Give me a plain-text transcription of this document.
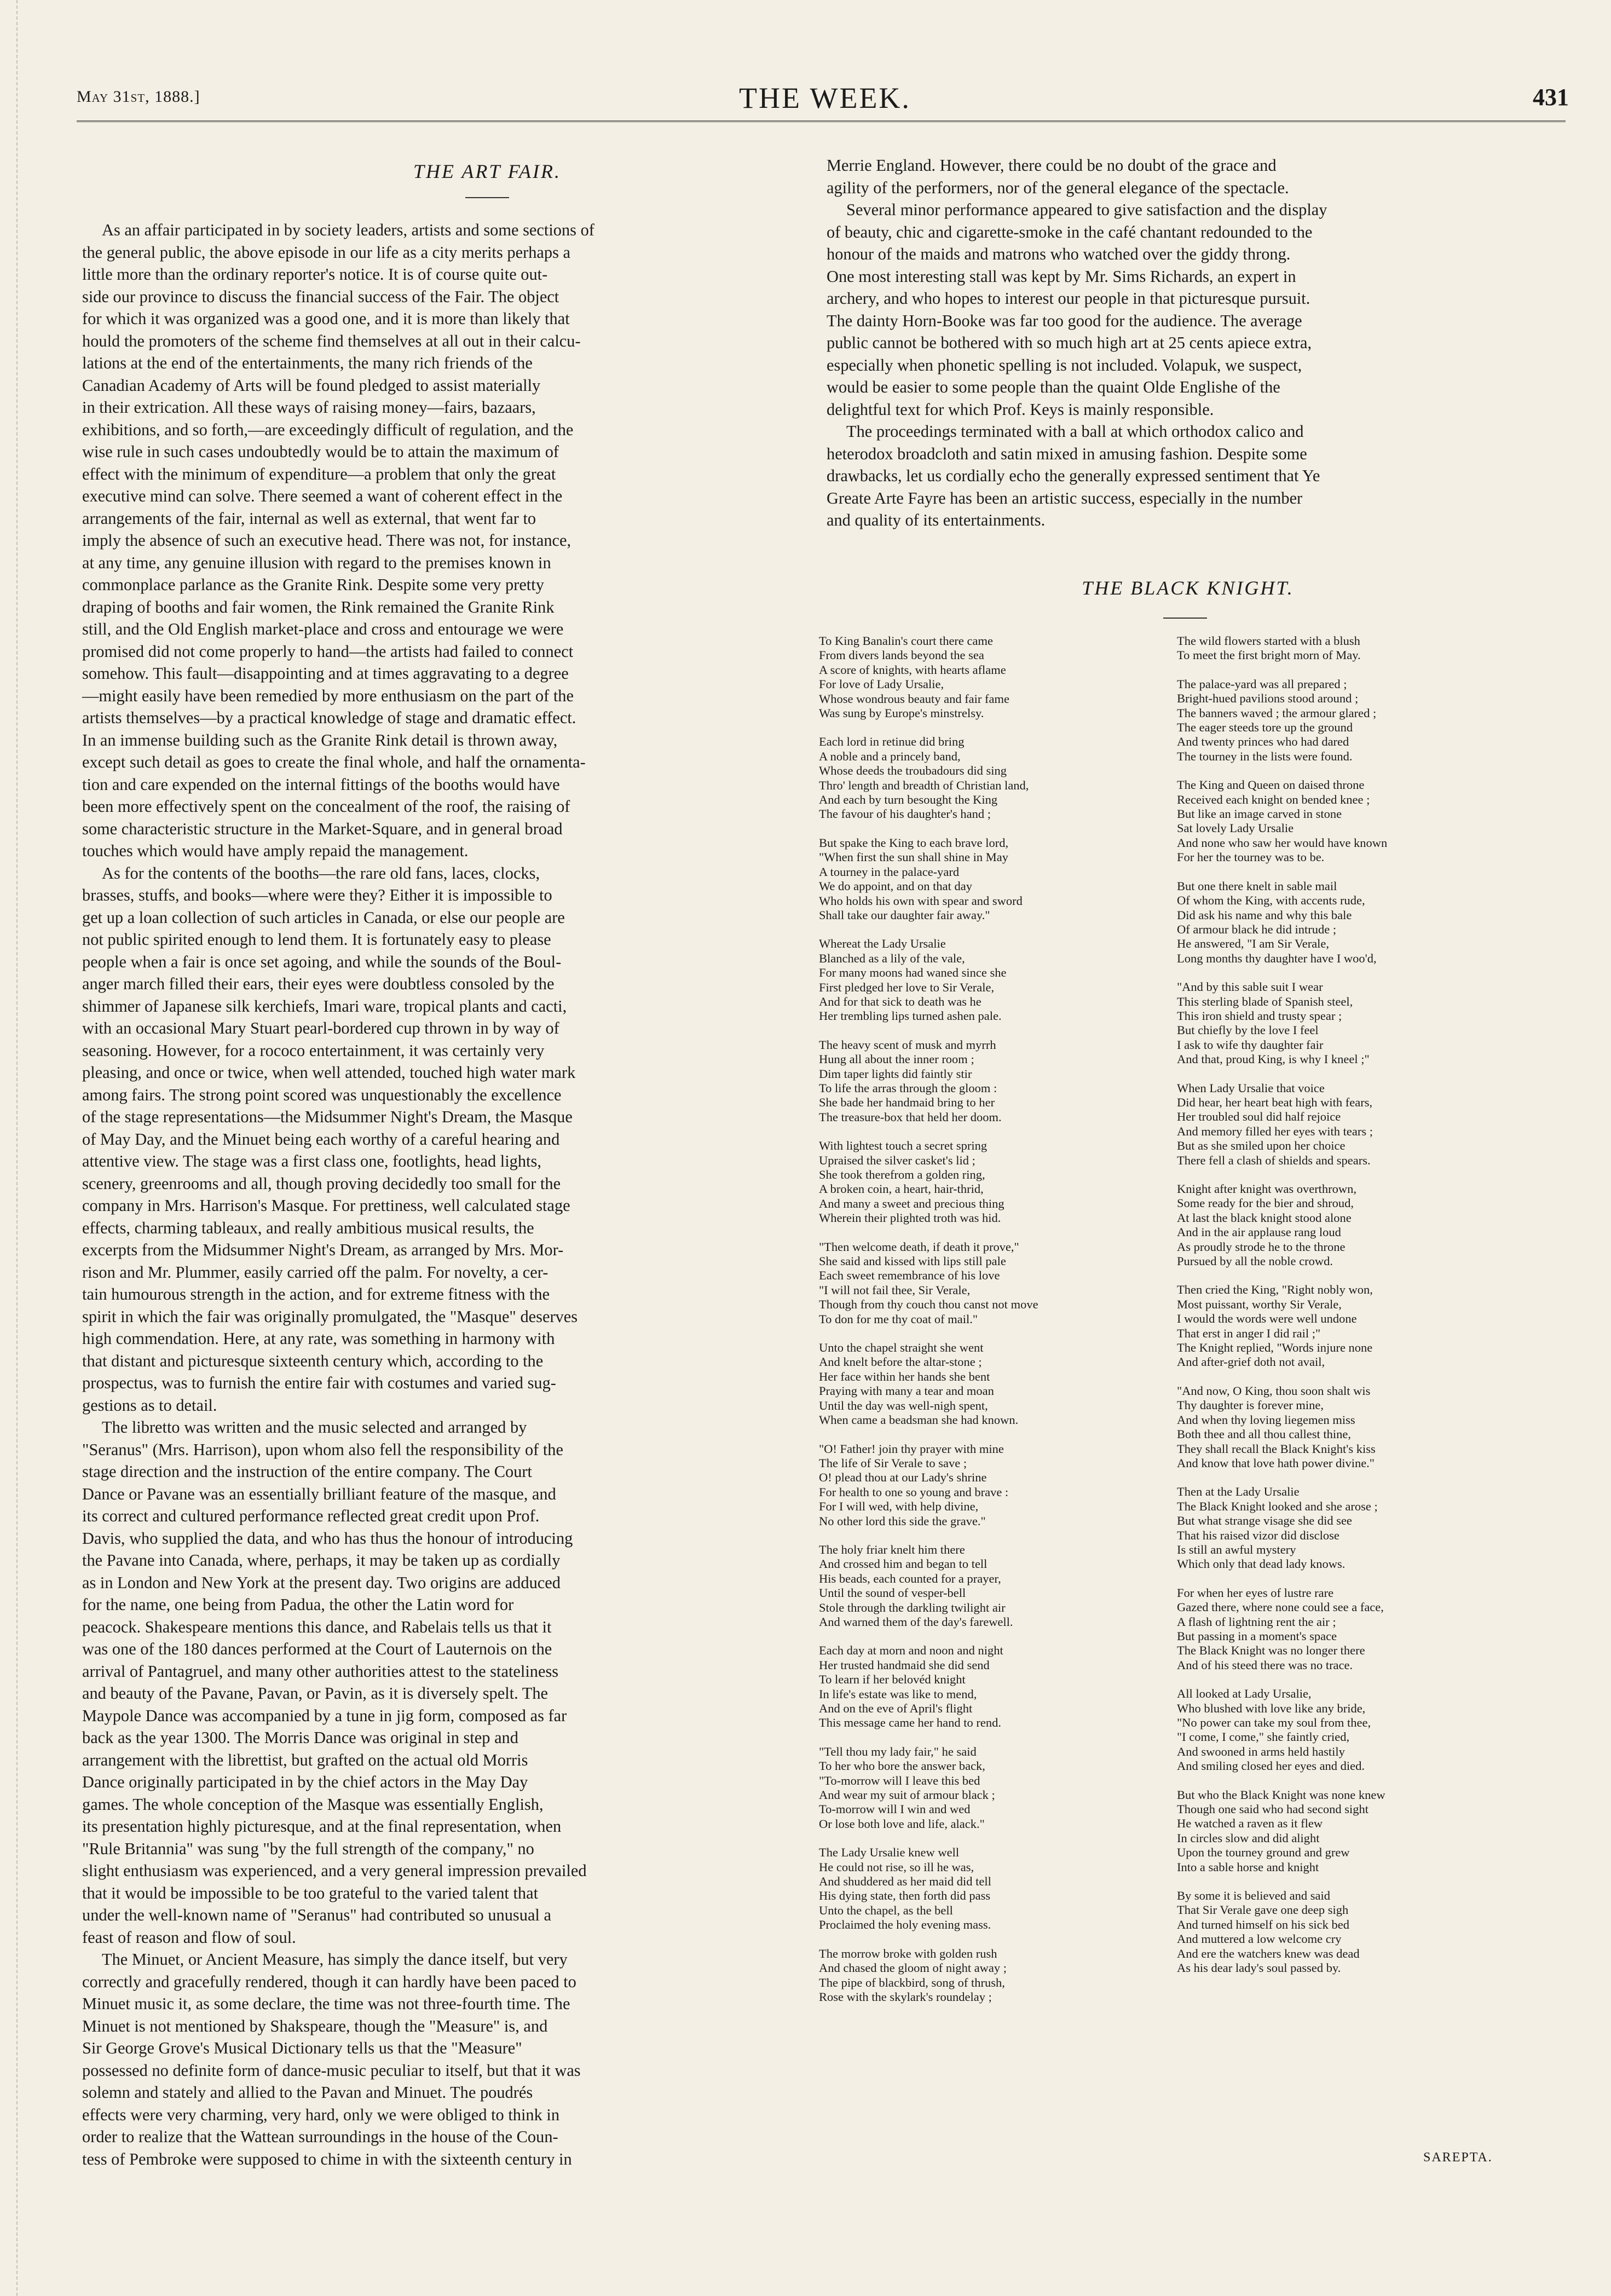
May 31st, 1888.]	THE WEEK.	431
THE ART FAIR.

As an affair participated in by society leaders, artists and some sections of
the general public, the above episode in our life as a city merits perhaps a
little more than the ordinary reporter's notice. It is of course quite out-
side our province to discuss the financial success of the Fair. The object
for which it was organized was a good one, and it is more than likely that
hould the promoters of the scheme find themselves at all out in their calcu-
lations at the end of the entertainments, the many rich friends of the
Canadian Academy of Arts will be found pledged to assist materially
in their extrication. All these ways of raising money—fairs, bazaars,
exhibitions, and so forth,—are exceedingly difficult of regulation, and the
wise rule in such cases undoubtedly would be to attain the maximum of
effect with the minimum of expenditure—a problem that only the great
executive mind can solve. There seemed a want of coherent effect in the
arrangements of the fair, internal as well as external, that went far to
imply the absence of such an executive head. There was not, for instance,
at any time, any genuine illusion with regard to the premises known in
commonplace parlance as the Granite Rink. Despite some very pretty
draping of booths and fair women, the Rink remained the Granite Rink
still, and the Old English market-place and cross and entourage we were
promised did not come properly to hand—the artists had failed to connect
somehow. This fault—disappointing and at times aggravating to a degree
—might easily have been remedied by more enthusiasm on the part of the
artists themselves—by a practical knowledge of stage and dramatic effect.
In an immense building such as the Granite Rink detail is thrown away,
except such detail as goes to create the final whole, and half the ornamenta-
tion and care expended on the internal fittings of the booths would have
been more effectively spent on the concealment of the roof, the raising of
some characteristic structure in the Market-Square, and in general broad
touches which would have amply repaid the management.

As for the contents of the booths—the rare old fans, laces, clocks,
brasses, stuffs, and books—where were they? Either it is impossible to
get up a loan collection of such articles in Canada, or else our people are
not public spirited enough to lend them. It is fortunately easy to please
people when a fair is once set agoing, and while the sounds of the Boul-
anger march filled their ears, their eyes were doubtless consoled by the
shimmer of Japanese silk kerchiefs, Imari ware, tropical plants and cacti,
with an occasional Mary Stuart pearl-bordered cup thrown in by way of
seasoning. However, for a rococo entertainment, it was certainly very
pleasing, and once or twice, when well attended, touched high water mark
among fairs. The strong point scored was unquestionably the excellence
of the stage representations—the Midsummer Night's Dream, the Masque
of May Day, and the Minuet being each worthy of a careful hearing and
attentive view. The stage was a first class one, footlights, head lights,
scenery, greenrooms and all, though proving decidedly too small for the
company in Mrs. Harrison's Masque. For prettiness, well calculated stage
effects, charming tableaux, and really ambitious musical results, the
excerpts from the Midsummer Night's Dream, as arranged by Mrs. Mor-
rison and Mr. Plummer, easily carried off the palm. For novelty, a cer-
tain humourous strength in the action, and for extreme fitness with the
spirit in which the fair was originally promulgated, the "Masque" deserves
high commendation. Here, at any rate, was something in harmony with
that distant and picturesque sixteenth century which, according to the
prospectus, was to furnish the entire fair with costumes and varied sug-
gestions as to detail.

The libretto was written and the music selected and arranged by
"Seranus" (Mrs. Harrison), upon whom also fell the responsibility of the
stage direction and the instruction of the entire company. The Court
Dance or Pavane was an essentially brilliant feature of the masque, and
its correct and cultured performance reflected great credit upon Prof.
Davis, who supplied the data, and who has thus the honour of introducing
the Pavane into Canada, where, perhaps, it may be taken up as cordially
as in London and New York at the present day. Two origins are adduced
for the name, one being from Padua, the other the Latin word for
peacock. Shakespeare mentions this dance, and Rabelais tells us that it
was one of the 180 dances performed at the Court of Lauternois on the
arrival of Pantagruel, and many other authorities attest to the stateliness
and beauty of the Pavane, Pavan, or Pavin, as it is diversely spelt. The
Maypole Dance was accompanied by a tune in jig form, composed as far
back as the year 1300. The Morris Dance was original in step and
arrangement with the librettist, but grafted on the actual old Morris
Dance originally participated in by the chief actors in the May Day
games. The whole conception of the Masque was essentially English,
its presentation highly picturesque, and at the final representation, when
"Rule Britannia" was sung "by the full strength of the company," no
slight enthusiasm was experienced, and a very general impression prevailed
that it would be impossible to be too grateful to the varied talent that
under the well-known name of "Seranus" had contributed so unusual a
feast of reason and flow of soul.

The Minuet, or Ancient Measure, has simply the dance itself, but very
correctly and gracefully rendered, though it can hardly have been paced to
Minuet music it, as some declare, the time was not three-fourth time. The
Minuet is not mentioned by Shakspeare, though the "Measure" is, and
Sir George Grove's Musical Dictionary tells us that the "Measure"
possessed no definite form of dance-music peculiar to itself, but that it was
solemn and stately and allied to the Pavan and Minuet. The poudrés
effects were very charming, very hard, only we were obliged to think in
order to realize that the Wattean surroundings in the house of the Coun-
tess of Pembroke were supposed to chime in with the sixteenth century in

Merrie England. However, there could be no doubt of the grace and
agility of the performers, nor of the general elegance of the spectacle.

Several minor performance appeared to give satisfaction and the display
of beauty, chic and cigarette-smoke in the café chantant redounded to the
honour of the maids and matrons who watched over the giddy throng.
One most interesting stall was kept by Mr. Sims Richards, an expert in
archery, and who hopes to interest our people in that picturesque pursuit.
The dainty Horn-Booke was far too good for the audience. The average
public cannot be bothered with so much high art at 25 cents apiece extra,
especially when phonetic spelling is not included. Volapuk, we suspect,
would be easier to some people than the quaint Olde Englishe of the
delightful text for which Prof. Keys is mainly responsible.

The proceedings terminated with a ball at which orthodox calico and
heterodox broadcloth and satin mixed in amusing fashion. Despite some
drawbacks, let us cordially echo the generally expressed sentiment that Ye
Greate Arte Fayre has been an artistic success, especially in the number
and quality of its entertainments.

THE BLACK KNIGHT.
To King Banalin's court there came
From divers lands beyond the sea
A score of knights, with hearts aflame
For love of Lady Ursalie,
Whose wondrous beauty and fair fame
Was sung by Europe's minstrelsy.
Each lord in retinue did bring
A noble and a princely band,
Whose deeds the troubadours did sing
Thro' length and breadth of Christian land,
And each by turn besought the King
The favour of his daughter's hand ;
But spake the King to each brave lord,
"When first the sun shall shine in May
A tourney in the palace-yard
We do appoint, and on that day
Who holds his own with spear and sword
Shall take our daughter fair away."
Whereat the Lady Ursalie
Blanched as a lily of the vale,
For many moons had waned since she
First pledged her love to Sir Verale,
And for that sick to death was he
Her trembling lips turned ashen pale.
The heavy scent of musk and myrrh
Hung all about the inner room ;
Dim taper lights did faintly stir
To life the arras through the gloom :
She bade her handmaid bring to her
The treasure-box that held her doom.
With lightest touch a secret spring
Upraised the silver casket's lid ;
She took therefrom a golden ring,
A broken coin, a heart, hair-thrid,
And many a sweet and precious thing
Wherein their plighted troth was hid.
"Then welcome death, if death it prove,"
She said and kissed with lips still pale
Each sweet remembrance of his love
"I will not fail thee, Sir Verale,
Though from thy couch thou canst not move
To don for me thy coat of mail."
Unto the chapel straight she went
And knelt before the altar-stone ;
Her face within her hands she bent
Praying with many a tear and moan
Until the day was well-nigh spent,
When came a beadsman she had known.
"O! Father! join thy prayer with mine
The life of Sir Verale to save ;
O! plead thou at our Lady's shrine
For health to one so young and brave :
For I will wed, with help divine,
No other lord this side the grave."
The holy friar knelt him there
And crossed him and began to tell
His beads, each counted for a prayer,
Until the sound of vesper-bell
Stole through the darkling twilight air
And warned them of the day's farewell.
Each day at morn and noon and night
Her trusted handmaid she did send
To learn if her belovéd knight
In life's estate was like to mend,
And on the eve of April's flight
This message came her hand to rend.
"Tell thou my lady fair," he said
To her who bore the answer back,
"To-morrow will I leave this bed
And wear my suit of armour black ;
To-morrow will I win and wed
Or lose both love and life, alack."
The Lady Ursalie knew well
He could not rise, so ill he was,
And shuddered as her maid did tell
His dying state, then forth did pass
Unto the chapel, as the bell
Proclaimed the holy evening mass.
The morrow broke with golden rush
And chased the gloom of night away ;
The pipe of blackbird, song of thrush,
Rose with the skylark's roundelay ;
The wild flowers started with a blush
To meet the first bright morn of May.
The palace-yard was all prepared ;
Bright-hued pavilions stood around ;
The banners waved ; the armour glared ;
The eager steeds tore up the ground
And twenty princes who had dared
The tourney in the lists were found.
The King and Queen on daised throne
Received each knight on bended knee ;
But like an image carved in stone
Sat lovely Lady Ursalie
And none who saw her would have known
For her the tourney was to be.
But one there knelt in sable mail
Of whom the King, with accents rude,
Did ask his name and why this bale
Of armour black he did intrude ;
He answered, "I am Sir Verale,
Long months thy daughter have I woo'd,
"And by this sable suit I wear
This sterling blade of Spanish steel,
This iron shield and trusty spear ;
But chiefly by the love I feel
I ask to wife thy daughter fair
And that, proud King, is why I kneel ;"
When Lady Ursalie that voice
Did hear, her heart beat high with fears,
Her troubled soul did half rejoice
And memory filled her eyes with tears ;
But as she smiled upon her choice
There fell a clash of shields and spears.
Knight after knight was overthrown,
Some ready for the bier and shroud,
At last the black knight stood alone
And in the air applause rang loud
As proudly strode he to the throne
Pursued by all the noble crowd.
Then cried the King, "Right nobly won,
Most puissant, worthy Sir Verale,
I would the words were well undone
That erst in anger I did rail ;"
The Knight replied, "Words injure none
And after-grief doth not avail,
"And now, O King, thou soon shalt wis
Thy daughter is forever mine,
And when thy loving liegemen miss
Both thee and all thou callest thine,
They shall recall the Black Knight's kiss
And know that love hath power divine."
Then at the Lady Ursalie
The Black Knight looked and she arose ;
But what strange visage she did see
That his raised vizor did disclose
Is still an awful mystery
Which only that dead lady knows.
For when her eyes of lustre rare
Gazed there, where none could see a face,
A flash of lightning rent the air ;
But passing in a moment's space
The Black Knight was no longer there
And of his steed there was no trace.
All looked at Lady Ursalie,
Who blushed with love like any bride,
"No power can take my soul from thee,
"I come, I come," she faintly cried,
And swooned in arms held hastily
And smiling closed her eyes and died.
But who the Black Knight was none knew
Though one said who had second sight
He watched a raven as it flew
In circles slow and did alight
Upon the tourney ground and grew
Into a sable horse and knight
By some it is believed and said
That Sir Verale gave one deep sigh
And turned himself on his sick bed
And muttered a low welcome cry
And ere the watchers knew was dead
As his dear lady's soul passed by.
SAREPTA.
